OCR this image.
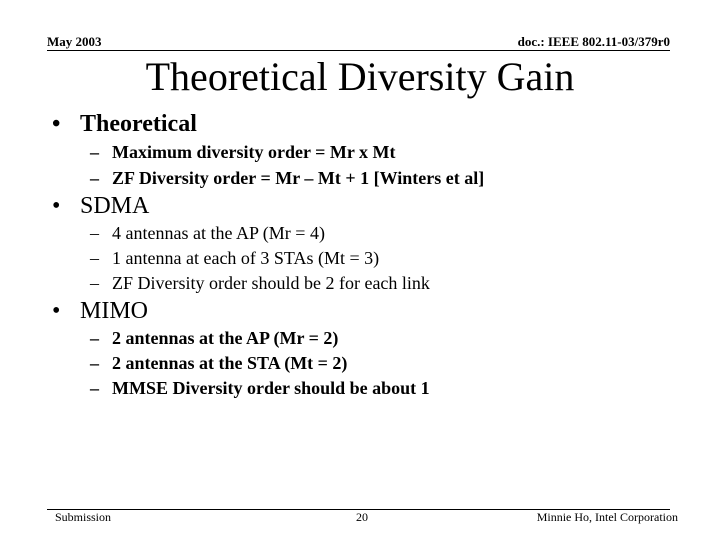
May 2003	doc.: IEEE 802.11-03/379r0
Theoretical Diversity Gain
• Theoretical
– Maximum diversity order = Mr x Mt
– ZF Diversity order = Mr – Mt + 1 [Winters et al]
• SDMA
– 4 antennas at the AP (Mr = 4)
– 1 antenna at each of 3 STAs (Mt = 3)
– ZF Diversity order should be 2 for each link
• MIMO
– 2 antennas at the AP (Mr = 2)
– 2 antennas at the STA (Mt = 2)
– MMSE Diversity order should be about 1
Submission	20	Minnie Ho, Intel Corporation
